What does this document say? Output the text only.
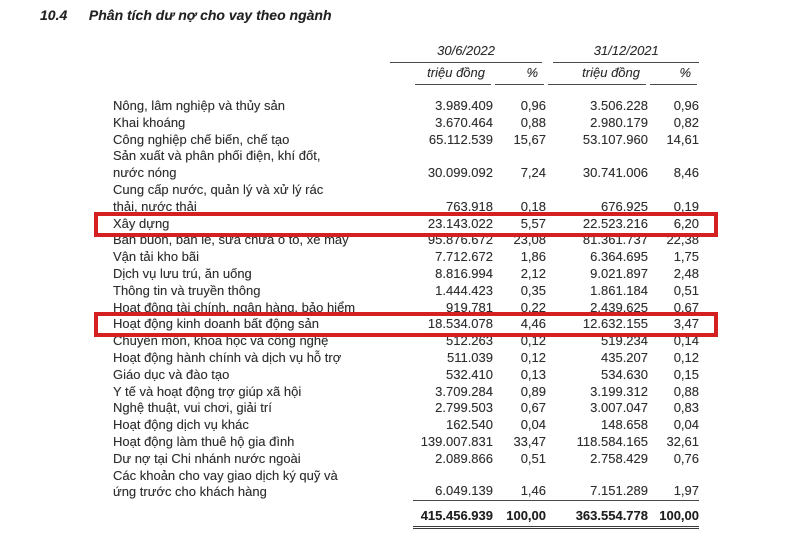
10.4 Phân tích dư nợ cho vay theo ngành
30/6/2022	31/12/2021
triệu đồng	%	triệu đồng	%
Nông, lâm nghiệp và thủy sản	3.989.409	0,96	3.506.228	0,96
Khai khoáng	3.670.464	0,88	2.980.179	0,82
Công nghiệp chế biến, chế tạo	65.112.539	15,67	53.107.960	14,61
Sản xuất và phân phối điện, khí đốt,
nước nóng	30.099.092	7,24	30.741.006	8,46
Cung cấp nước, quản lý và xử lý rác
thải, nước thải	763.918	0,18	676.925	0,19
Xây dựng	23.143.022	5,57	22.523.216	6,20
Bán buôn, bán lẻ, sửa chữa ô tô, xe máy	95.876.672	23,08	81.361.737	22,38
Vận tải kho bãi	7.712.672	1,86	6.364.695	1,75
Dịch vụ lưu trú, ăn uống	8.816.994	2,12	9.021.897	2,48
Thông tin và truyền thông	1.444.423	0,35	1.861.184	0,51
Hoạt động tài chính, ngân hàng, bảo hiểm	919.781	0,22	2.439.625	0,67
Hoạt động kinh doanh bất động sản	18.534.078	4,46	12.632.155	3,47
Chuyên môn, khoa học và công nghệ	512.263	0,12	519.234	0,14
Hoạt động hành chính và dịch vụ hỗ trợ	511.039	0,12	435.207	0,12
Giáo dục và đào tạo	532.410	0,13	534.630	0,15
Y tế và hoạt động trợ giúp xã hội	3.709.284	0,89	3.199.312	0,88
Nghệ thuật, vui chơi, giải trí	2.799.503	0,67	3.007.047	0,83
Hoạt động dịch vụ khác	162.540	0,04	148.658	0,04
Hoạt động làm thuê hộ gia đình	139.007.831	33,47	118.584.165	32,61
Dư nợ tại Chi nhánh nước ngoài	2.089.866	0,51	2.758.429	0,76
Các khoản cho vay giao dịch ký quỹ và
ứng trước cho khách hàng	6.049.139	1,46	7.151.289	1,97
415.456.939	100,00	363.554.778 100,00
